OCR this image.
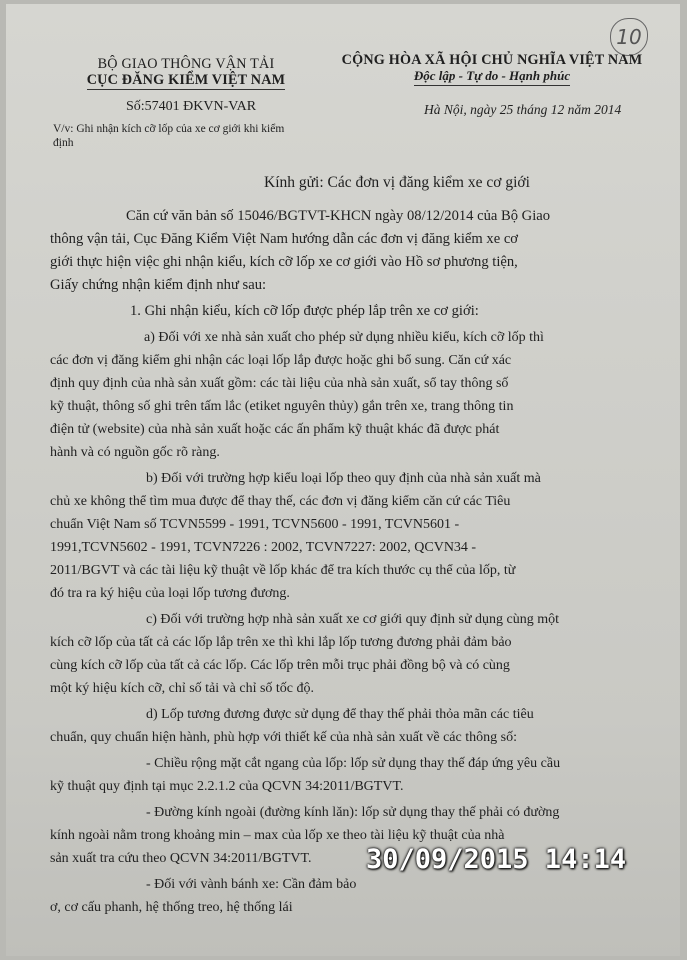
10
BỘ GIAO THÔNG VẬN TẢI
CỤC ĐĂNG KIỂM VIỆT NAM
Số:57401 ĐKVN-VAR
V/v: Ghi nhận kích cỡ lốp của xe cơ giới khi kiểm định
CỘNG HÒA XÃ HỘI CHỦ NGHĨA VIỆT NAM
Độc lập - Tự do - Hạnh phúc
Hà Nội, ngày 25 tháng 12 năm 2014
Kính gửi: Các đơn vị đăng kiểm xe cơ giới
Căn cứ văn bản số 15046/BGTVT-KHCN ngày 08/12/2014 của Bộ Giao
thông vận tải, Cục Đăng Kiểm Việt Nam hướng dẫn các đơn vị đăng kiểm xe cơ
giới thực hiện việc ghi nhận kiểu, kích cỡ lốp xe cơ giới vào Hồ sơ phương tiện,
Giấy chứng nhận kiểm định như sau:
1. Ghi nhận kiểu, kích cỡ lốp được phép lắp trên xe cơ giới:
a) Đối với xe nhà sản xuất cho phép sử dụng nhiều kiểu, kích cỡ lốp thì
các đơn vị đăng kiểm ghi nhận các loại lốp lắp được hoặc ghi bổ sung. Căn cứ xác
định quy định của nhà sản xuất gồm: các tài liệu của nhà sản xuất, sổ tay thông số
kỹ thuật, thông số ghi trên tấm lắc (etiket nguyên thủy) gắn trên xe, trang thông tin
điện tử (website) của nhà sản xuất hoặc các ấn phẩm kỹ thuật khác đã được phát
hành và có nguồn gốc rõ ràng.
b) Đối với trường hợp kiểu loại lốp theo quy định của nhà sản xuất mà
chủ xe không thể tìm mua được để thay thế, các đơn vị đăng kiểm căn cứ các Tiêu
chuẩn Việt Nam số TCVN5599 - 1991, TCVN5600 - 1991, TCVN5601 -
1991,TCVN5602 - 1991, TCVN7226 : 2002, TCVN7227: 2002, QCVN34 -
2011/BGVT và các tài liệu kỹ thuật về lốp khác để tra kích thước cụ thể của lốp, từ
đó tra ra ký hiệu của loại lốp tương đương.
c) Đối với trường hợp nhà sản xuất xe cơ giới quy định sử dụng cùng một
kích cỡ lốp của tất cả các lốp lắp trên xe thì khi lắp lốp tương đương phải đảm bảo
cùng kích cỡ lốp của tất cả các lốp. Các lốp trên mỗi trục phải đồng bộ và có cùng
một ký hiệu kích cỡ, chỉ số tải và chỉ số tốc độ.
d) Lốp tương đương được sử dụng để thay thế phải thỏa mãn các tiêu
chuẩn, quy chuẩn hiện hành, phù hợp với thiết kế của nhà sản xuất về các thông số:
- Chiều rộng mặt cắt ngang của lốp: lốp sử dụng thay thế đáp ứng yêu cầu
kỹ thuật quy định tại mục 2.2.1.2 của QCVN 34:2011/BGTVT.
- Đường kính ngoài (đường kính lăn): lốp sử dụng thay thế phải có đường
kính ngoài nằm trong khoảng min – max của lốp xe theo tài liệu kỹ thuật của nhà
sản xuất tra cứu theo QCVN 34:2011/BGTVT.
- Đối với vành bánh xe: Cần đảm bảo
ơ, cơ cấu phanh, hệ thống treo, hệ thống lái
30/09/2015 14:14
